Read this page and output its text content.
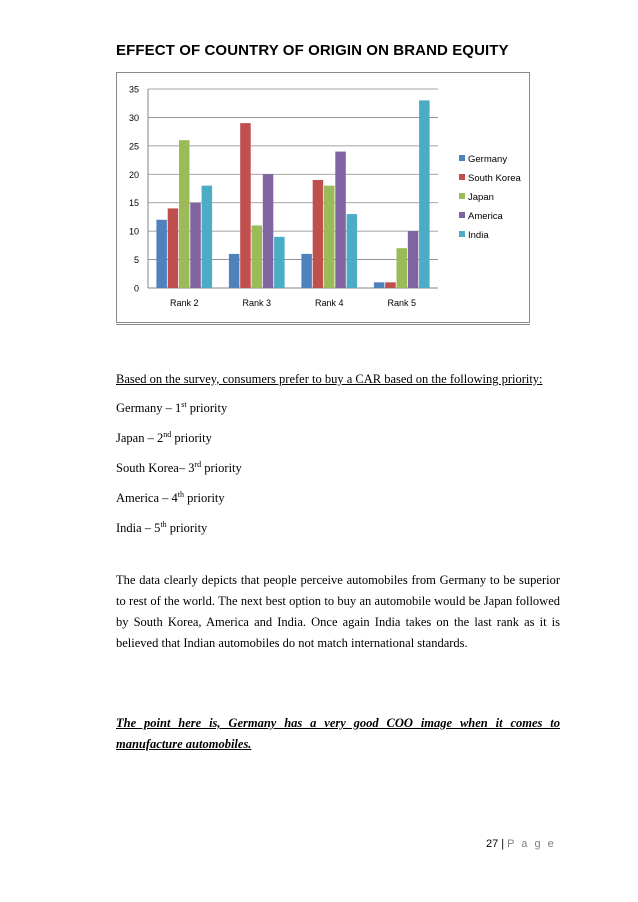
EFFECT OF COUNTRY OF ORIGIN ON BRAND EQUITY
0
5
10
15
20
25
30
35
Rank 2	Rank 3	Rank 4	Rank 5
Germany
South Korea
Japan
America
India
Based on the survey, consumers prefer to buy a CAR based on the following priority:
Germany – 1st priority
Japan – 2nd priority
South Korea– 3rd priority
America – 4th priority
India – 5th priority
The data clearly depicts that people perceive automobiles from Germany to be superior to rest of the world. The next best option to buy an automobile would be Japan followed by South Korea, America and India. Once again India takes on the last rank as it is believed that Indian automobiles do not match international standards.
The point here is, Germany has a very good COO image when it comes to manufacture automobiles.
27 | P a g e
